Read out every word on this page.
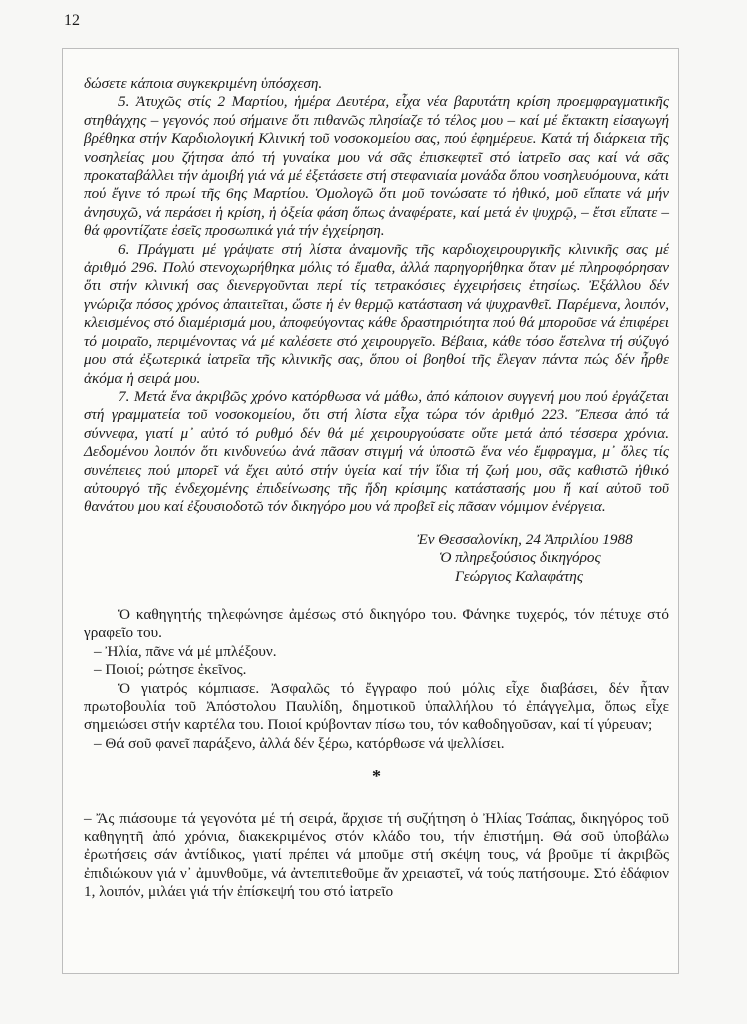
12

δώσετε κάποια συγκεκριμένη ὑπόσχεση.

5. Ἀτυχῶς στίς 2 Μαρτίου, ἡμέρα Δευτέρα, εἶχα νέα βαρυτάτη κρίση προεμφραγματικῆς στηθάγχης – γεγονός πού σήμαινε ὅτι πιθανῶς πλησίαζε τό τέλος μου – καί μέ ἔκτακτη εἰσαγωγή βρέθηκα στήν Καρδιολογική Κλινική τοῦ νοσοκομείου σας, πού ἐφημέρευε. Κατά τή διάρκεια τῆς νοσηλείας μου ζήτησα ἀπό τή γυναίκα μου νά σᾶς ἐπισκεφτεῖ στό ἰατρεῖο σας καί νά σᾶς προκαταβάλλει τήν ἀμοιβή γιά νά μέ ἐξετάσετε στή στεφανιαία μονάδα ὅπου νοσηλευόμουνα, κάτι πού ἔγινε τό πρωί τῆς 6ης Μαρτίου. Ὁμολογῶ ὅτι μοῦ τονώσατε τό ἠθικό, μοῦ εἴπατε νά μήν ἀνησυχῶ, νά περάσει ἡ κρίση, ἡ ὀξεία φάση ὅπως ἀναφέρατε, καί μετά ἐν ψυχρῷ, – ἔτσι εἴπατε – θά φροντίζατε ἐσεῖς προσωπικά γιά τήν ἐγχείρηση.

6. Πράγματι μέ γράψατε στή λίστα ἀναμονῆς τῆς καρδιοχειρουργικῆς κλινικῆς σας μέ ἀριθμό 296. Πολύ στενοχωρήθηκα μόλις τό ἔμαθα, ἀλλά παρηγορήθηκα ὅταν μέ πληροφόρησαν ὅτι στήν κλινική σας διενεργοῦνται περί τίς τετρακόσιες ἐγχειρήσεις ἐτησίως. Ἐξάλλου δέν γνώριζα πόσος χρόνος ἀπαιτεῖται, ὥστε ἡ ἐν θερμῷ κατάσταση νά ψυχρανθεῖ. Παρέμενα, λοιπόν, κλεισμένος στό διαμέρισμά μου, ἀποφεύγοντας κάθε δραστηριότητα πού θά μποροῦσε νά ἐπιφέρει τό μοιραῖο, περιμένοντας νά μέ καλέσετε στό χειρουργεῖο. Βέβαια, κάθε τόσο ἔστελνα τή σύζυγό μου στά ἐξωτερικά ἰατρεῖα τῆς κλινικῆς σας, ὅπου οἱ βοηθοί τῆς ἔλεγαν πάντα πώς δέν ἦρθε ἀκόμα ἡ σειρά μου.

7. Μετά ἕνα ἀκριβῶς χρόνο κατόρθωσα νά μάθω, ἀπό κάποιον συγγενή μου πού ἐργάζεται στή γραμματεία τοῦ νοσοκομείου, ὅτι στή λίστα εἶχα τώρα τόν ἀριθμό 223. Ἔπεσα ἀπό τά σύννεφα, γιατί μ᾽ αὐτό τό ρυθμό δέν θά μέ χειρουργούσατε οὔτε μετά ἀπό τέσσερα χρόνια. Δεδομένου λοιπόν ὅτι κινδυνεύω ἀνά πᾶσαν στιγμή νά ὑποστῶ ἕνα νέο ἔμφραγμα, μ᾽ ὅλες τίς συνέπειες πού μπορεῖ νά ἔχει αὐτό στήν ὑγεία καί τήν ἴδια τή ζωή μου, σᾶς καθιστῶ ἠθικό αὐτουργό τῆς ἐνδεχομένης ἐπιδείνωσης τῆς ἤδη κρίσιμης κατάστασής μου ἤ καί αὐτοῦ τοῦ θανάτου μου καί ἐξουσιοδοτῶ τόν δικηγόρο μου νά προβεῖ εἰς πᾶσαν νόμιμον ἐνέργεια.

Ἐν Θεσσαλονίκη, 24 Ἀπριλίου 1988
Ὁ πληρεξούσιος δικηγόρος
Γεώργιος Καλαφάτης

Ὁ καθηγητής τηλεφώνησε ἀμέσως στό δικηγόρο του. Φάνηκε τυχερός, τόν πέτυχε στό γραφεῖο του.

– Ἠλία, πᾶνε νά μέ μπλέξουν.

– Ποιοί; ρώτησε ἐκεῖνος.

Ὁ γιατρός κόμπιασε. Ἀσφαλῶς τό ἔγγραφο πού μόλις εἶχε διαβάσει, δέν ἦταν πρωτοβουλία τοῦ Ἀπόστολου Παυλίδη, δημοτικοῦ ὑπαλλήλου τό ἐπάγγελμα, ὅπως εἶχε σημειώσει στήν καρτέλα του. Ποιοί κρύβονταν πίσω του, τόν καθοδηγοῦσαν, καί τί γύρευαν;

– Θά σοῦ φανεῖ παράξενο, ἀλλά δέν ξέρω, κατόρθωσε νά ψελλίσει.

*

– Ἄς πιάσουμε τά γεγονότα μέ τή σειρά, ἄρχισε τή συζήτηση ὁ Ἠλίας Τσάπας, δικηγόρος τοῦ καθηγητῆ ἀπό χρόνια, διακεκριμένος στόν κλάδο του, τήν ἐπιστήμη. Θά σοῦ ὑποβάλω ἐρωτήσεις σάν ἀντίδικος, γιατί πρέπει νά μποῦμε στή σκέψη τους, νά βροῦμε τί ἀκριβῶς ἐπιδιώκουν γιά ν᾽ ἀμυνθοῦμε, νά ἀντεπιτεθοῦμε ἄν χρειαστεῖ, νά τούς πατήσουμε. Στό ἐδάφιον 1, λοιπόν, μιλάει γιά τήν ἐπίσκεψή του στό ἰατρεῖο
